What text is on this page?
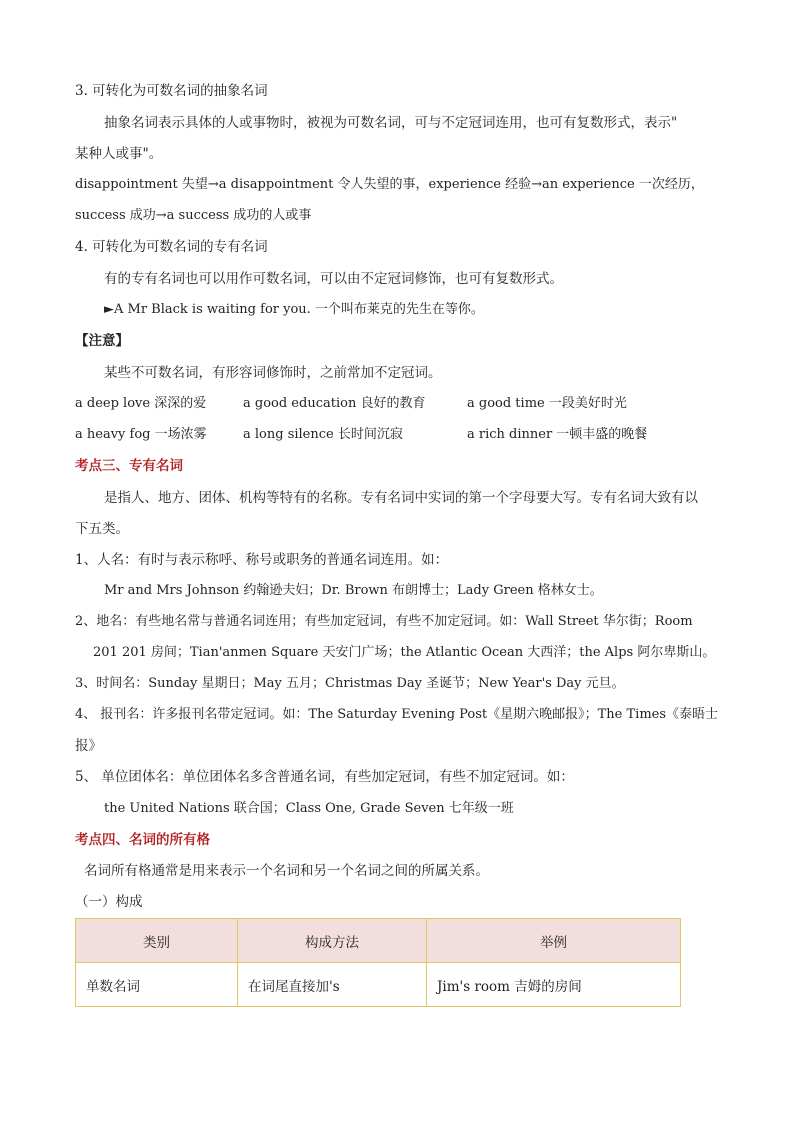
3. 可转化为可数名词的抽象名词
抽象名词表示具体的人或事物时，被视为可数名词，可与不定冠词连用，也可有复数形式，表示"
某种人或事"。
disappointment 失望→a disappointment 令人失望的事，experience 经验→an experience 一次经历，
success 成功→a success 成功的人或事
4. 可转化为可数名词的专有名词
有的专有名词也可以用作可数名词，可以由不定冠词修饰，也可有复数形式。
►A Mr Black is waiting for you. 一个叫布莱克的先生在等你。
【注意】
某些不可数名词，有形容词修饰时，之前常加不定冠词。
a deep love 深深的爱	a good education 良好的教育	a good time 一段美好时光
a heavy fog 一场浓雾	a long silence 长时间沉寂	a rich dinner 一顿丰盛的晚餐
考点三、专有名词
是指人、地方、团体、机构等特有的名称。专有名词中实词的第一个字母要大写。专有名词大致有以
下五类。
1、人名：有时与表示称呼、称号或职务的普通名词连用。如：
Mr and Mrs Johnson 约翰逊夫妇；Dr. Brown 布朗博士；Lady Green 格林女士。
2、地名：有些地名常与普通名词连用；有些加定冠词，有些不加定冠词。如：Wall Street 华尔街；Room
201 201 房间；Tian'anmen Square 天安门广场；the Atlantic Ocean 大西洋；the Alps 阿尔卑斯山。
3、时间名：Sunday 星期日；May 五月；Christmas Day 圣诞节；New Year's Day 元旦。
4、 报刊名：许多报刊名带定冠词。如：The Saturday Evening Post《星期六晚邮报》；The Times《泰晤士
报》
5、 单位团体名：单位团体名多含普通名词，有些加定冠词，有些不加定冠词。如：
the United Nations 联合国；Class One, Grade Seven 七年级一班
考点四、名词的所有格
名词所有格通常是用来表示一个名词和另一个名词之间的所属关系。
（一）构成
类别	构成方法	举例
单数名词	在词尾直接加's	Jim's room 吉姆的房间
